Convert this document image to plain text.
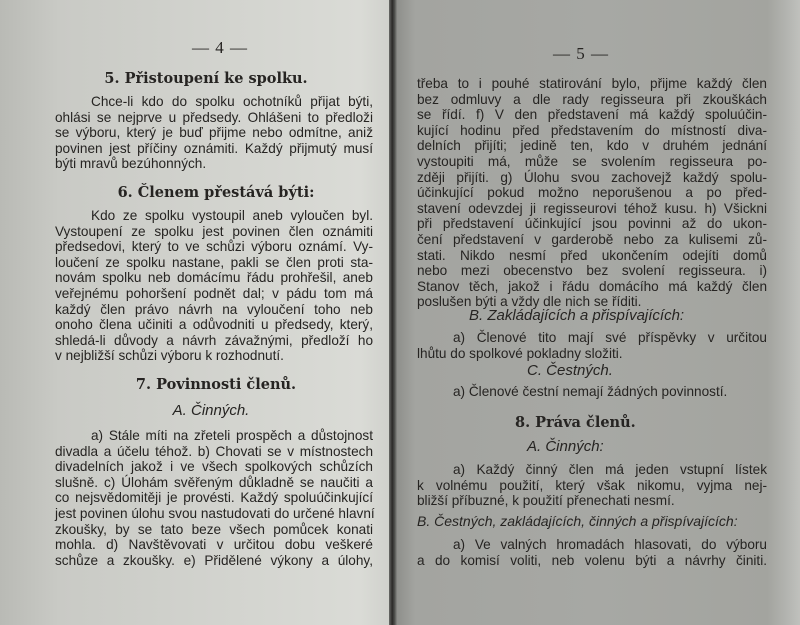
— 4 —
5. Přistoupení ke spolku.
Chce-li kdo do spolku ochotníků přijat býti,
ohlási se nejprve u předsedy. Ohlášeni to předloži
se výboru, který je buď přijme nebo odmítne, aniž
povinen jest příčiny oznámiti. Každý přijmutý musí
býti mravů bezúhonných.
6. Členem přestává býti:
Kdo ze spolku vystoupil aneb vyloučen byl.
Vystoupení ze spolku jest povinen člen oznámiti
předsedovi, který to ve schůzi výboru oznámí. Vy-
loučení ze spolku nastane, pakli se člen proti sta-
novám spolku neb domácímu řádu prohřešil, aneb
veřejnému pohoršení podnět dal; v pádu tom má
každý člen právo návrh na vyloučení toho neb
onoho člena učiniti a odůvodniti u předsedy, který,
shledá-li důvody a návrh závažnými, předloží ho
v nejbližší schůzi výboru k rozhodnutí.
7. Povinnosti členů.
A. Činných.
a) Stále míti na zřeteli prospěch a důstojnost
divadla a účelu téhož. b) Chovati se v místnostech
divadelních jakož i ve všech spolkových schůzích
slušně. c) Úlohám svěřeným důkladně se naučiti a
co nejsvědomitěji je provésti. Každý spoluúčinkující
jest povinen úlohu svou nastudovati do určené hlavní
zkoušky, by se tato beze všech pomůcek konati
mohla. d) Navštěvovati v určitou dobu veškeré
schůze a zkoušky. e) Přidělené výkony a úlohy,
— 5 —
třeba to i pouhé statirování bylo, přijme každý člen
bez odmluvy a dle rady regisseura při zkouškách
se řídí. f) V den představení má každý spoluúčin-
kující hodinu před představením do místností diva-
delních přijíti; jedině ten, kdo v druhém jednání
vystoupiti má, může se svolením regisseura po-
zději přijíti. g) Úlohu svou zachovejž každý spolu-
účinkující pokud možno neporušenou a po před-
stavení odevzdej ji regisseurovi téhož kusu. h) Všickni
při představení účinkující jsou povinni až do ukon-
čení představení v garderobě nebo za kulisemi zů-
stati. Nikdo nesmí před ukončením odejíti domů
nebo mezi obecenstvo bez svolení regisseura. i)
Stanov těch, jakož i řádu domácího má každý člen
poslušen býti a vždy dle nich se říditi.
B. Zakládajících a přispívajících:
a) Členové tito mají své příspěvky v určitou
lhůtu do spolkové pokladny složiti.
C. Čestných.
a) Členové čestní nemají žádných povinností.
8. Práva členů.
A. Činných:
a) Každý činný člen má jeden vstupní lístek
k volnému použití, který však nikomu, vyjma nej-
bližší příbuzné, k použití přenechati nesmí.
B. Čestných, zakládajících, činných a přispívajících:
a) Ve valných hromadách hlasovati, do výboru
a do komisí voliti, neb volenu býti a návrhy činiti.
